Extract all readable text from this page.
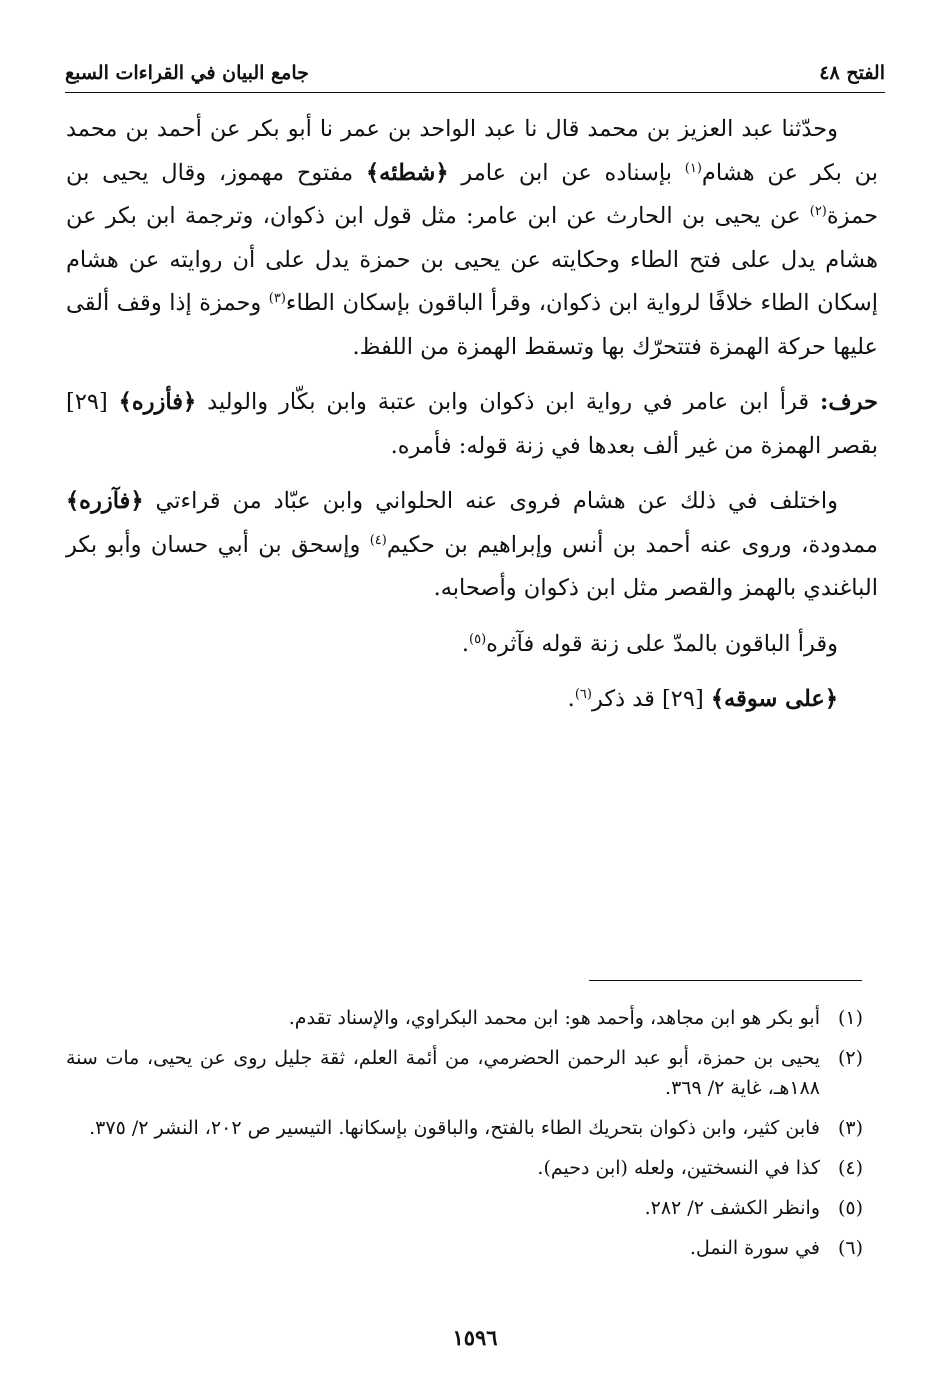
الفتح ٤٨
جامع البيان في القراءات السبع

وحدّثنا عبد العزيز بن محمد قال نا عبد الواحد بن عمر نا أبو بكر عن أحمد بن محمد بن بكر عن هشام$^{(١)}$ بإسناده عن ابن عامر ﴿شطئه﴾ مفتوح مهموز، وقال يحيى بن حمزة$^{(٢)}$ عن يحيى بن الحارث عن ابن عامر: مثل قول ابن ذكوان، وترجمة ابن بكر عن هشام يدل على فتح الطاء وحكايته عن يحيى بن حمزة يدل على أن روايته عن هشام إسكان الطاء خلافًا لرواية ابن ذكوان، وقرأ الباقون بإسكان الطاء$^{(٣)}$ وحمزة إذا وقف ألقى عليها حركة الهمزة فتتحرّك بها وتسقط الهمزة من اللفظ.

حرف: قرأ ابن عامر في رواية ابن ذكوان وابن عتبة وابن بكّار والوليد ﴿فأزره﴾ [٢٩] بقصر الهمزة من غير ألف بعدها في زنة قوله: فأمره.

واختلف في ذلك عن هشام فروى عنه الحلواني وابن عبّاد من قراءتي ﴿فآزره﴾ ممدودة، وروى عنه أحمد بن أنس وإبراهيم بن حكيم$^{(٤)}$ وإسحق بن أبي حسان وأبو بكر الباغندي بالهمز والقصر مثل ابن ذكوان وأصحابه.

وقرأ الباقون بالمدّ على زنة قوله فآثره$^{(٥)}$.

﴿على سوقه﴾ [٢٩] قد ذكر$^{(٦)}$.

(١)
أبو بكر هو ابن مجاهد، وأحمد هو: ابن محمد البكراوي، والإسناد تقدم.
(٢)
يحيى بن حمزة، أبو عبد الرحمن الحضرمي، من أئمة العلم، ثقة جليل روى عن يحيى، مات سنة ١٨٨هـ، غاية ٢/ ٣٦٩.
(٣)
فابن كثير، وابن ذكوان بتحريك الطاء بالفتح، والباقون بإسكانها. التيسير ص ٢٠٢، النشر ٢/ ٣٧٥.
(٤)
كذا في النسختين، ولعله (ابن دحيم).
(٥)
وانظر الكشف ٢/ ٢٨٢.
(٦)
في سورة النمل.
١٥٩٦
